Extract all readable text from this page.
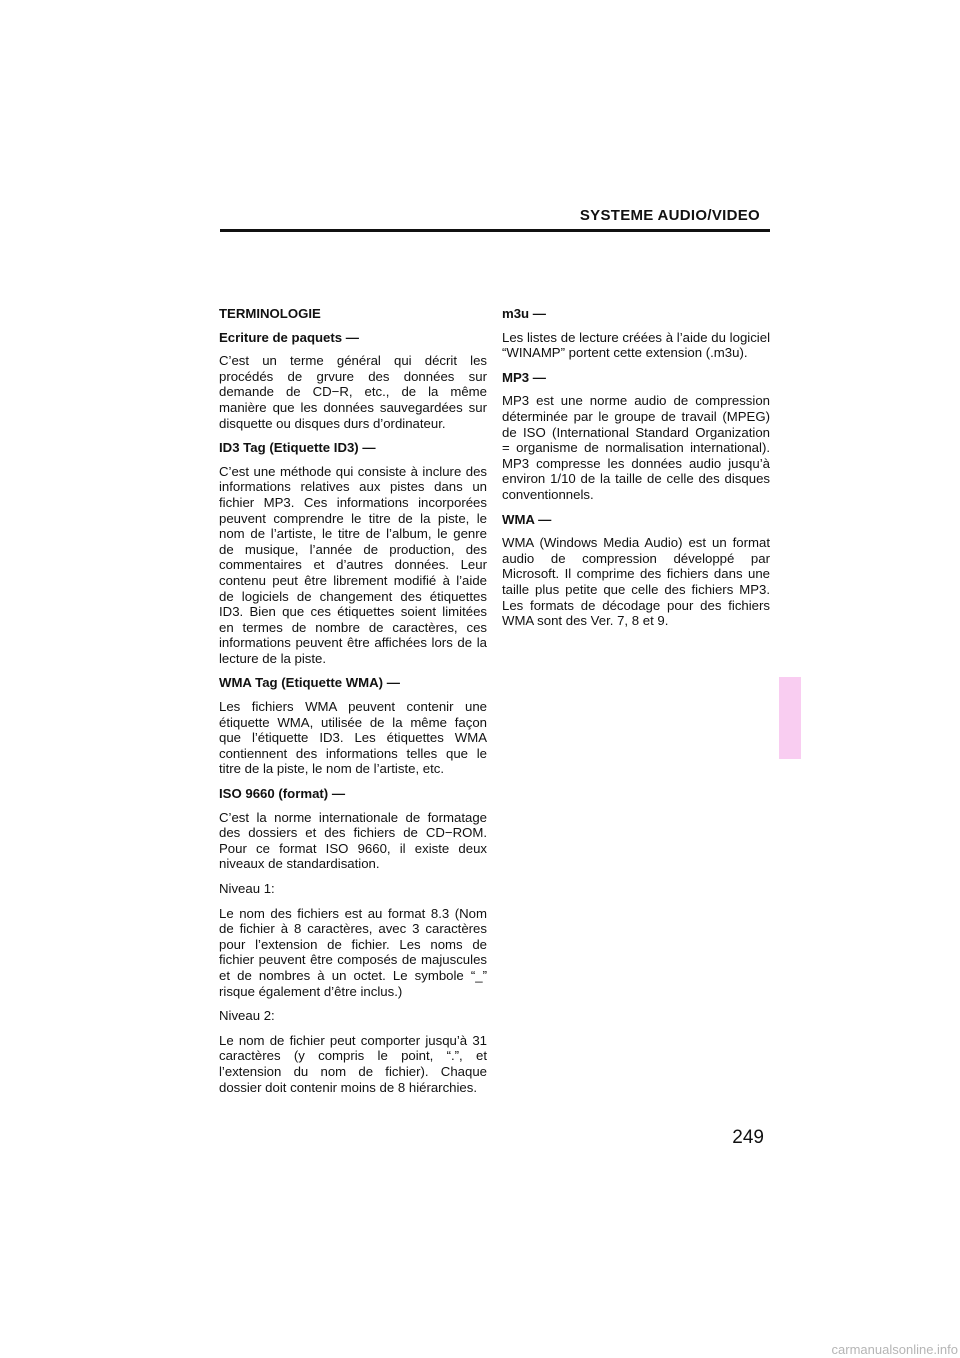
SYSTEME AUDIO/VIDEO

TERMINOLOGIE

Ecriture de paquets —

C’est un terme général qui décrit les procédés de grvure des données sur demande de CD−R, etc., de la même manière que les données sauvegardées sur disquette ou disques durs d’ordinateur.

ID3 Tag (Etiquette ID3) —

C’est une méthode qui consiste à inclure des informations relatives aux pistes dans un fichier MP3. Ces informations incorporées peuvent comprendre le titre de la piste, le nom de l’artiste, le titre de l’album, le genre de musique, l’année de production, des commentaires et d’autres données. Leur contenu peut être librement modifié à l’aide de logiciels de changement des étiquettes ID3. Bien que ces étiquettes soient limitées en termes de nombre de caractères, ces informations peuvent être affichées lors de la lecture de la piste.

WMA Tag (Etiquette WMA) —

Les fichiers WMA peuvent contenir une étiquette WMA, utilisée de la même façon que l’étiquette ID3. Les étiquettes WMA contiennent des informations telles que le titre de la piste, le nom de l’artiste, etc.

ISO 9660 (format) —

C’est la norme internationale de formatage des dossiers et des fichiers de CD−ROM. Pour ce format ISO 9660, il existe deux niveaux de standardisation.

Niveau 1:

Le nom des fichiers est au format 8.3 (Nom de fichier à 8 caractères, avec 3 caractères pour l’extension de fichier. Les noms de fichier peuvent être composés de majuscules et de nombres à un octet. Le symbole “_” risque également d’être inclus.)

Niveau 2:

Le nom de fichier peut comporter jusqu’à 31 caractères (y compris le point, “.”, et l’extension du nom de fichier). Chaque dossier doit contenir moins de 8 hiérarchies.

m3u —

Les listes de lecture créées à l’aide du logiciel “WINAMP” portent cette extension (.m3u).

MP3 —

MP3 est une norme audio de compression déterminée par le groupe de travail (MPEG) de ISO (International Standard Organization = organisme de normalisation international). MP3 compresse les données audio jusqu’à environ 1/10 de la taille de celle des disques conventionnels.

WMA —

WMA (Windows Media Audio) est un format audio de compression développé par Microsoft. Il comprime des fichiers dans une taille plus petite que celle des fichiers MP3. Les formats de décodage pour des fichiers WMA sont des Ver. 7, 8 et 9.

249
carmanualsonline.info
